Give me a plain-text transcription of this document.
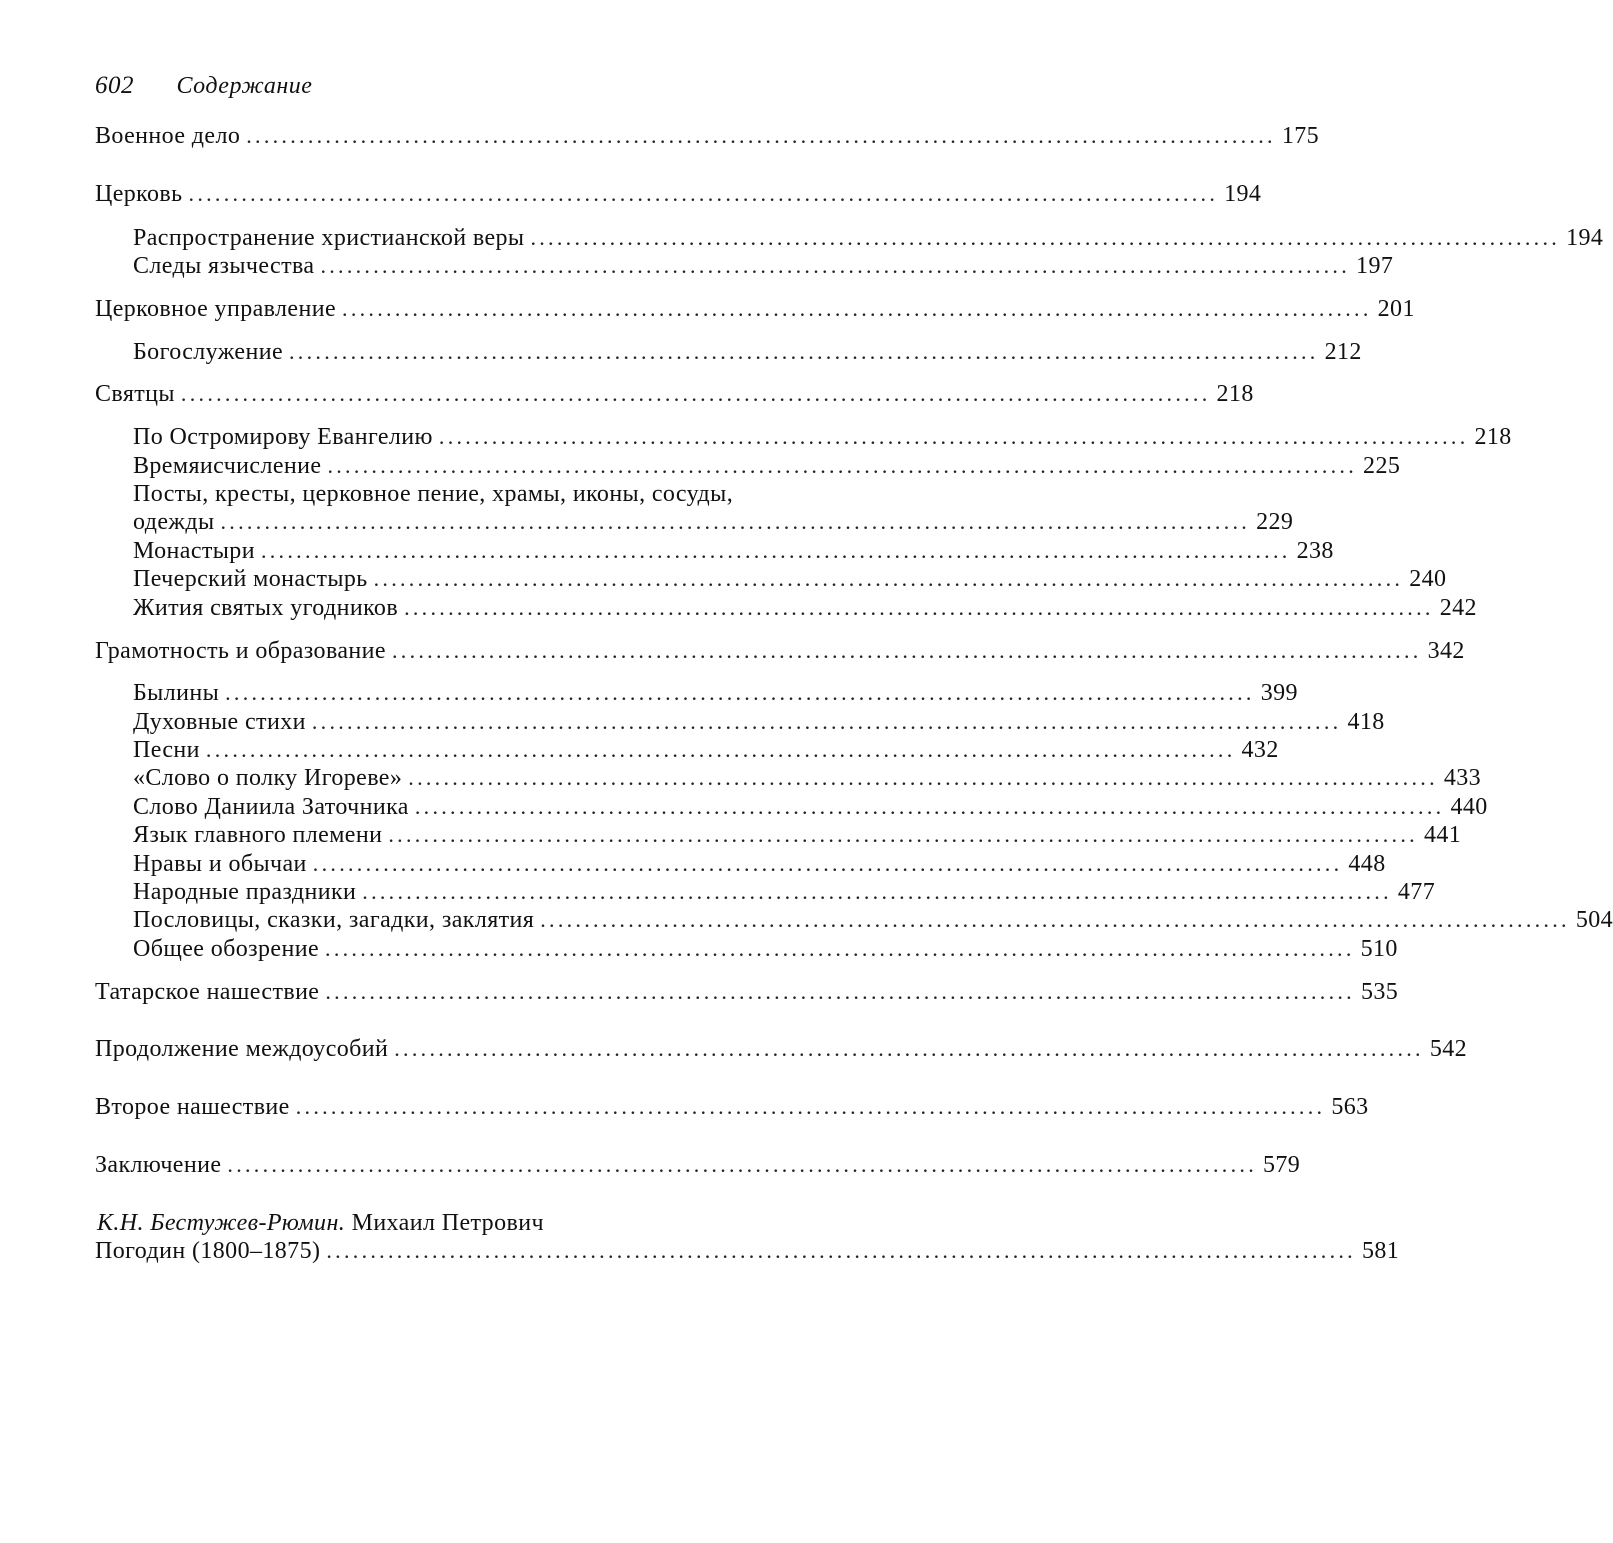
602 Содержание
Военное дело ..................................................................................................................... 175
Церковь ..................................................................................................................... 194
Распространение христианской веры ..................................................................................................................... 194
Следы язычества ..................................................................................................................... 197
Церковное управление ..................................................................................................................... 201
Богослужение ..................................................................................................................... 212
Святцы ..................................................................................................................... 218
По Остромирову Евангелию ..................................................................................................................... 218
Времяисчисление ..................................................................................................................... 225
Посты, кресты, церковное пение, храмы, иконы, сосуды,
одежды ..................................................................................................................... 229
Монастыри ..................................................................................................................... 238
Печерский монастырь ..................................................................................................................... 240
Жития святых угодников ..................................................................................................................... 242
Грамотность и образование ..................................................................................................................... 342
Былины ..................................................................................................................... 399
Духовные стихи ..................................................................................................................... 418
Песни ..................................................................................................................... 432
«Слово о полку Игореве» ..................................................................................................................... 433
Слово Даниила Заточника ..................................................................................................................... 440
Язык главного племени ..................................................................................................................... 441
Нравы и обычаи ..................................................................................................................... 448
Народные праздники ..................................................................................................................... 477
Пословицы, сказки, загадки, заклятия ..................................................................................................................... 504
Общее обозрение ..................................................................................................................... 510
Татарское нашествие ..................................................................................................................... 535
Продолжение междоусобий ..................................................................................................................... 542
Второе нашествие ..................................................................................................................... 563
Заключение ..................................................................................................................... 579
К.Н. Бестужев-Рюмин. Михаил Петрович
Погодин (1800–1875) ..................................................................................................................... 581
